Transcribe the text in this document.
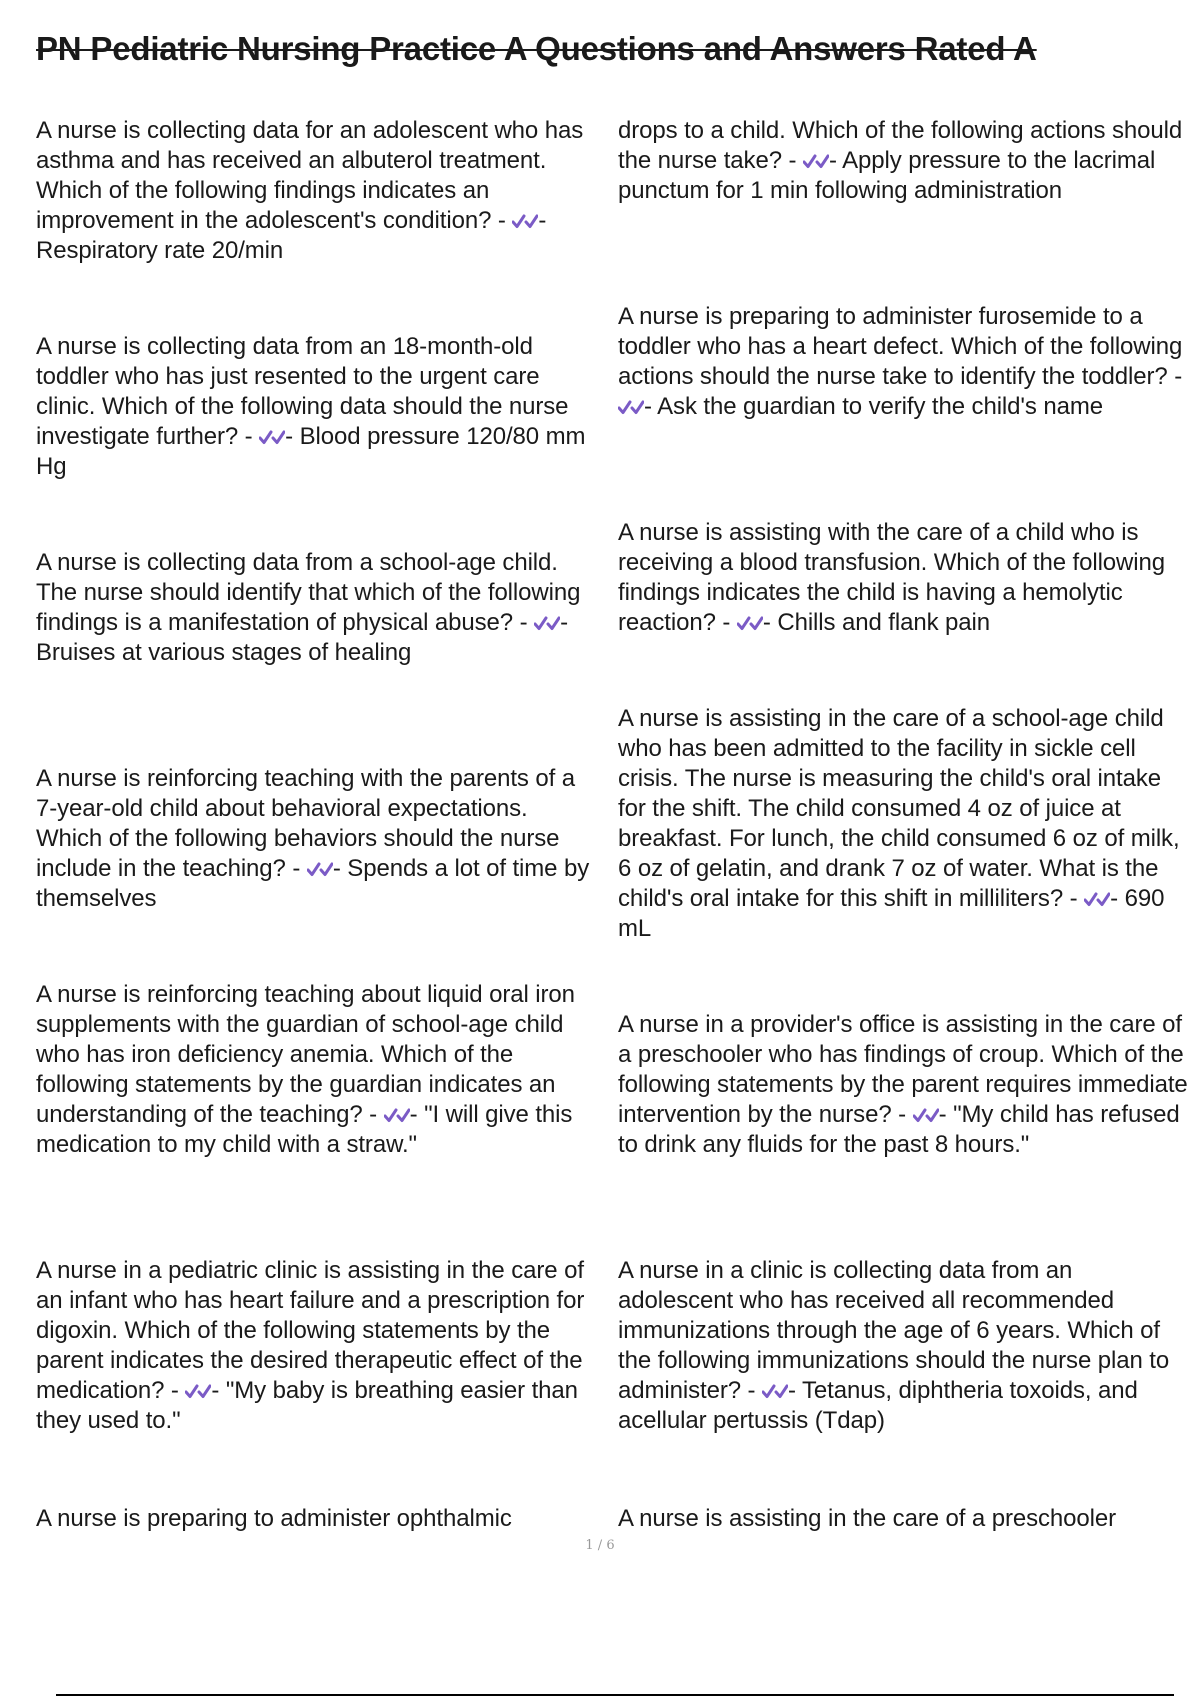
PN Pediatric Nursing Practice A Questions and Answers Rated A
A nurse is collecting data for an adolescent who has asthma and has received an albuterol treatment. Which of the following findings indicates an improvement in the adolescent's condition? - - Respiratory rate 20/min
A nurse is collecting data from an 18-month-old toddler who has just resented to the urgent care clinic. Which of the following data should the nurse investigate further? - - Blood pressure 120/80 mm Hg
A nurse is collecting data from a school-age child. The nurse should identify that which of the following findings is a manifestation of physical abuse? - - Bruises at various stages of healing
A nurse is reinforcing teaching with the parents of a 7-year-old child about behavioral expectations. Which of the following behaviors should the nurse include in the teaching? - - Spends a lot of time by themselves
A nurse is reinforcing teaching about liquid oral iron supplements with the guardian of school-age child who has iron deficiency anemia. Which of the following statements by the guardian indicates an understanding of the teaching? - - "I will give this medication to my child with a straw."
A nurse in a pediatric clinic is assisting in the care of an infant who has heart failure and a prescription for digoxin. Which of the following statements by the parent indicates the desired therapeutic effect of the medication? - - "My baby is breathing easier than they used to."
A nurse is preparing to administer ophthalmic
drops to a child. Which of the following actions should the nurse take? - - Apply pressure to the lacrimal punctum for 1 min following administration
A nurse is preparing to administer furosemide to a toddler who has a heart defect. Which of the following actions should the nurse take to identify the toddler? -
- Ask the guardian to verify the child's name
A nurse is assisting with the care of a child who is receiving a blood transfusion. Which of the following findings indicates the child is having a hemolytic reaction? - - Chills and flank pain
A nurse is assisting in the care of a school-age child who has been admitted to the facility in sickle cell crisis. The nurse is measuring the child's oral intake for the shift. The child consumed 4 oz of juice at breakfast. For lunch, the child consumed 6 oz of milk, 6 oz of gelatin, and drank 7 oz of water. What is the child's oral intake for this shift in milliliters? - - 690 mL
A nurse in a provider's office is assisting in the care of a preschooler who has findings of croup. Which of the following statements by the parent requires immediate intervention by the nurse? - - "My child has refused to drink any fluids for the past 8 hours."
A nurse in a clinic is collecting data from an adolescent who has received all recommended immunizations through the age of 6 years. Which of the following immunizations should the nurse plan to administer? - - Tetanus, diphtheria toxoids, and acellular pertussis (Tdap)
A nurse is assisting in the care of a preschooler
1 / 6
